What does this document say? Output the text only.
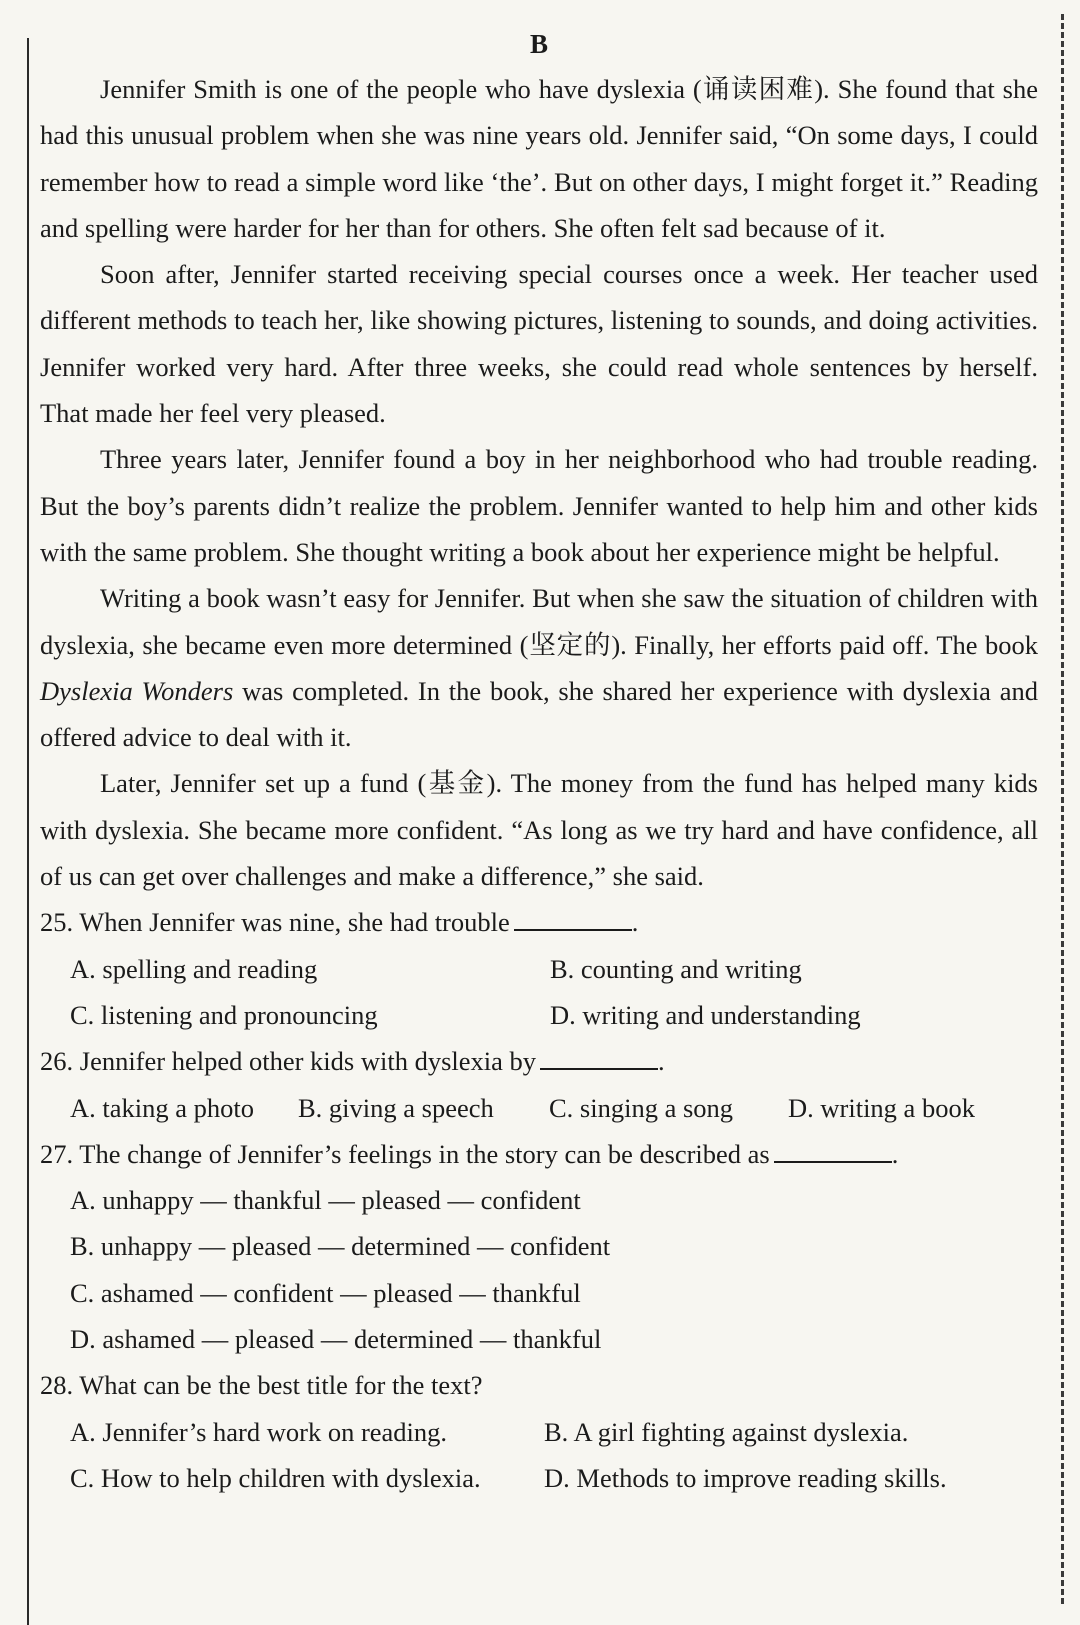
B

Jennifer Smith is one of the people who have dyslexia (诵读困难). She found that she had this unusual problem when she was nine years old. Jennifer said, “On some days, I could remember how to read a simple word like ‘the’. But on other days, I might forget it.” Reading and spelling were harder for her than for others. She often felt sad because of it.

Soon after, Jennifer started receiving special courses once a week. Her teacher used different methods to teach her, like showing pictures, listening to sounds, and doing activities. Jennifer worked very hard. After three weeks, she could read whole sentences by herself. That made her feel very pleased.

Three years later, Jennifer found a boy in her neighborhood who had trouble reading. But the boy’s parents didn’t realize the problem. Jennifer wanted to help him and other kids with the same problem. She thought writing a book about her experience might be helpful.

Writing a book wasn’t easy for Jennifer. But when she saw the situation of children with dyslexia, she became even more determined (坚定的). Finally, her efforts paid off. The book Dyslexia Wonders was completed. In the book, she shared her experience with dyslexia and offered advice to deal with it.

Later, Jennifer set up a fund (基金). The money from the fund has helped many kids with dyslexia. She became more confident. “As long as we try hard and have confidence, all of us can get over challenges and make a difference,” she said.

25. When Jennifer was nine, she had trouble	.
A. spelling and reading	B. counting and writing
C. listening and pronouncing	D. writing and understanding
26. Jennifer helped other kids with dyslexia by	.
A. taking a photo	B. giving a speech	C. singing a song	D. writing a book
27. The change of Jennifer’s feelings in the story can be described as	.
A. unhappy — thankful — pleased — confident
B. unhappy — pleased — determined — confident
C. ashamed — confident — pleased — thankful
D. ashamed — pleased — determined — thankful
28. What can be the best title for the text?
A. Jennifer’s hard work on reading.	B. A girl fighting against dyslexia.
C. How to help children with dyslexia.	D. Methods to improve reading skills.
